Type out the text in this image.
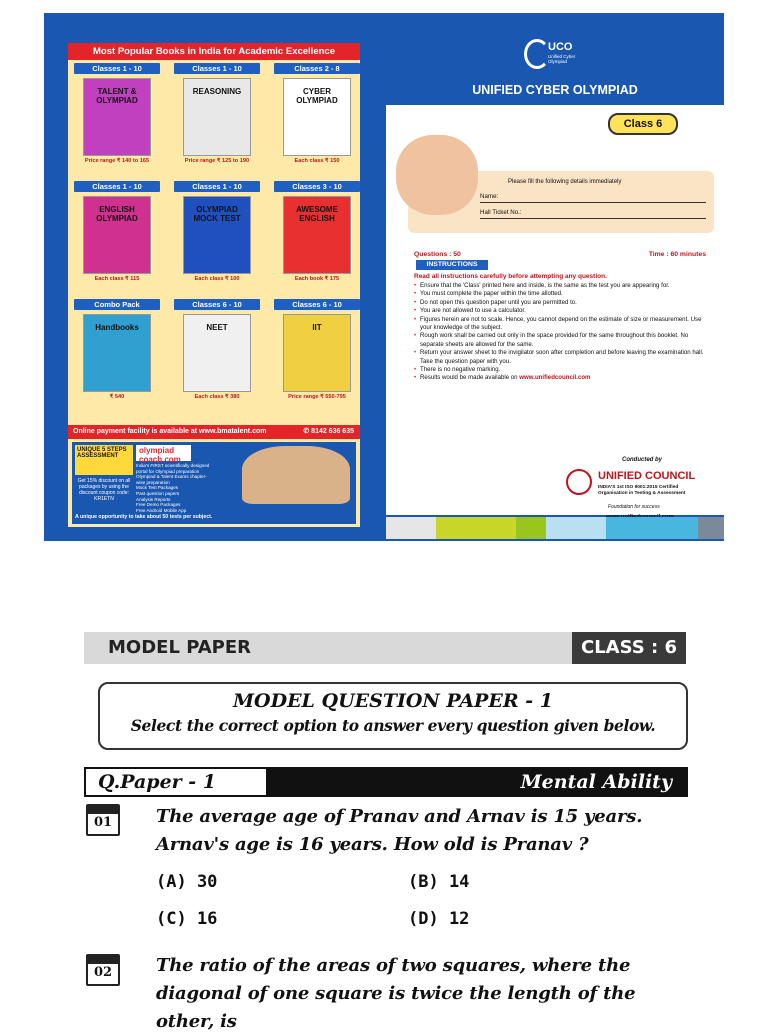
Most Popular Books in India for Academic Excellence
Classes 1 - 10
TALENT & OLYMPIAD
Price range ₹ 140 to 165
Classes 1 - 10
REASONING
Price range ₹ 125 to 190
Classes 2 - 8
CYBER OLYMPIAD
Each class ₹ 150
Classes 1 - 10
ENGLISH OLYMPIAD
Each class ₹ 115
Classes 1 - 10
OLYMPIAD MOCK TEST
Each class ₹ 100
Classes 3 - 10
AWESOME ENGLISH
Each book ₹ 175
Combo Pack
Handbooks
₹ 540
Classes 6 - 10
NEET
Each class ₹ 380
Classes 6 - 10
IIT
Price range ₹ 550-795
Online payment facility is available at www.bmatalent.com	✆ 8142 636 635
UNIQUE 5 STEPS ASSESSMENT
olympiad coach.com
Get 15% discount on all packages by using the discount coupon code: KR1ETN
India's FIRST scientifically designed portal for Olympiad preparation
Olympiad & Talent Exams chapter-wise preparation
Mock Test Packages
Past question papers
Analysis Reports
Free Demo Packages
Free Android Mobile App
A unique opportunity to take about 50 tests per subject.
UCO
Unified Cyber Olympiad
UNIFIED CYBER OLYMPIAD
Class 6
Please fill the following details immediately
Name:
Hall Ticket No.:
Questions : 50	Time : 60 minutes
INSTRUCTIONS
Read all instructions carefully before attempting any question.
• Ensure that the 'Class' printed here and inside, is the same as the test you are appearing for.
• You must complete the paper within the time allotted.
• Do not open this question paper until you are permitted to.
• You are not allowed to use a calculator.
• Figures herein are not to scale. Hence, you cannot depend on the estimate of size or measurement. Use your knowledge of the subject.
• Rough work shall be carried out only in the space provided for the same throughout this booklet. No separate sheets are allowed for the same.
• Return your answer sheet to the invigilator soon after completion and before leaving the examination hall. Take the question paper with you.
• There is no negative marking.
• Results would be made available on www.unifiedcouncil.com
Conducted by
UNIFIED COUNCIL
INDIA'S 1st ISO 9001:2015 Certified
Organisation in Testing & Assessment
Foundation for success
MODEL PAPER	CLASS : 6
MODEL QUESTION PAPER - 1
Select the correct option to answer every question given below.
Q.Paper - 1	Mental Ability
01	The average age of Pranav and Arnav is 15 years. Arnav's age is 16 years. How old is Pranav ?
(A) 30	(B) 14
(C) 16	(D) 12
02	The ratio of the areas of two squares, where the diagonal of one square is twice the length of the other, is
